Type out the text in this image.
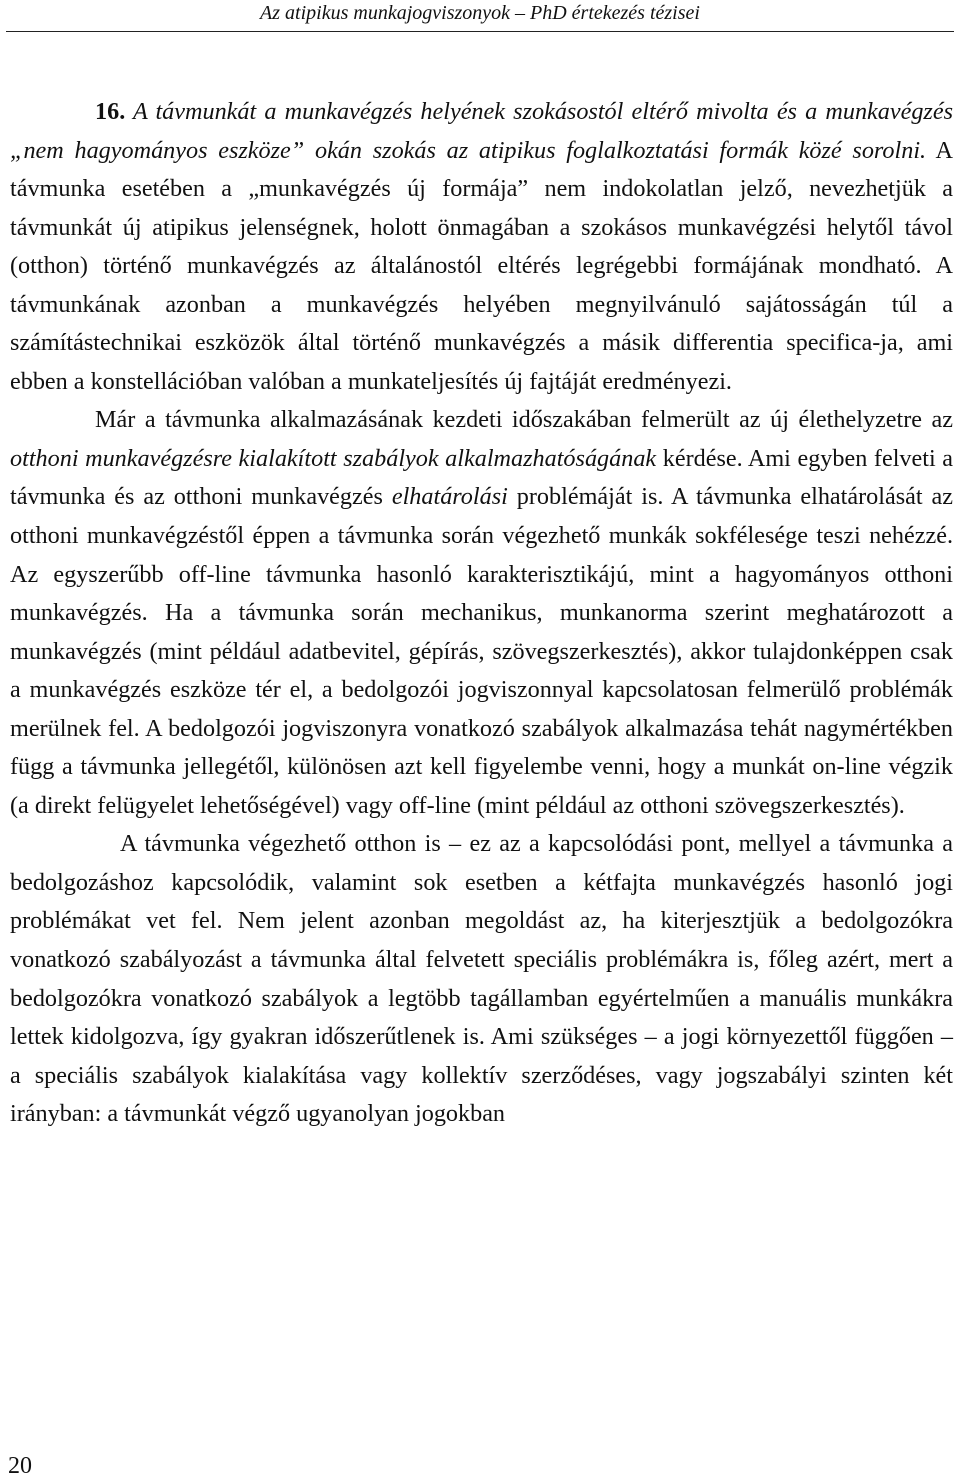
Az atipikus munkajogviszonyok – PhD értekezés tézisei

16. A távmunkát a munkavégzés helyének szokásostól eltérő mivolta és a munkavégzés „nem hagyományos eszköze” okán szokás az atipikus foglalkoztatási formák közé sorolni. A távmunka esetében a „munkavégzés új formája” nem indokolatlan jelző, nevezhetjük a távmunkát új atipikus jelenségnek, holott önmagában a szokásos munkavégzési helytől távol (otthon) történő munkavégzés az általánostól eltérés legrégebbi formájának mondható. A távmunkának azonban a munkavégzés helyében megnyilvánuló sajátosságán túl a számítástechnikai eszközök által történő munkavégzés a másik differentia specifica-ja, ami ebben a konstellációban valóban a munkateljesítés új fajtáját eredményezi.

Már a távmunka alkalmazásának kezdeti időszakában felmerült az új élethelyzetre az otthoni munkavégzésre kialakított szabályok alkalmazhatóságának kérdése. Ami egyben felveti a távmunka és az otthoni munkavégzés elhatárolási problémáját is. A távmunka elhatárolását az otthoni munkavégzéstől éppen a távmunka során végezhető munkák sokfélesége teszi nehézzé. Az egyszerűbb off-line távmunka hasonló karakterisztikájú, mint a hagyományos otthoni munkavégzés. Ha a távmunka során mechanikus, munkanorma szerint meghatározott a munkavégzés (mint például adatbevitel, gépírás, szövegszerkesztés), akkor tulajdonképpen csak a munkavégzés eszköze tér el, a bedolgozói jogviszonnyal kapcsolatosan felmerülő problémák merülnek fel. A bedolgozói jogviszonyra vonatkozó szabályok alkalmazása tehát nagymértékben függ a távmunka jellegétől, különösen azt kell figyelembe venni, hogy a munkát on-line végzik (a direkt felügyelet lehetőségével) vagy off-line (mint például az otthoni szövegszerkesztés).

A távmunka végezhető otthon is – ez az a kapcsolódási pont, mellyel a távmunka a bedolgozáshoz kapcsolódik, valamint sok esetben a kétfajta munkavégzés hasonló jogi problémákat vet fel. Nem jelent azonban megoldást az, ha kiterjesztjük a bedolgozókra vonatkozó szabályozást a távmunka által felvetett speciális problémákra is, főleg azért, mert a bedolgozókra vonatkozó szabályok a legtöbb tagállamban egyértelműen a manuális munkákra lettek kidolgozva, így gyakran időszerűtlenek is. Ami szükséges – a jogi környezettől függően – a speciális szabályok kialakítása vagy kollektív szerződéses, vagy jogszabályi szinten két irányban: a távmunkát végző ugyanolyan jogokban

20
